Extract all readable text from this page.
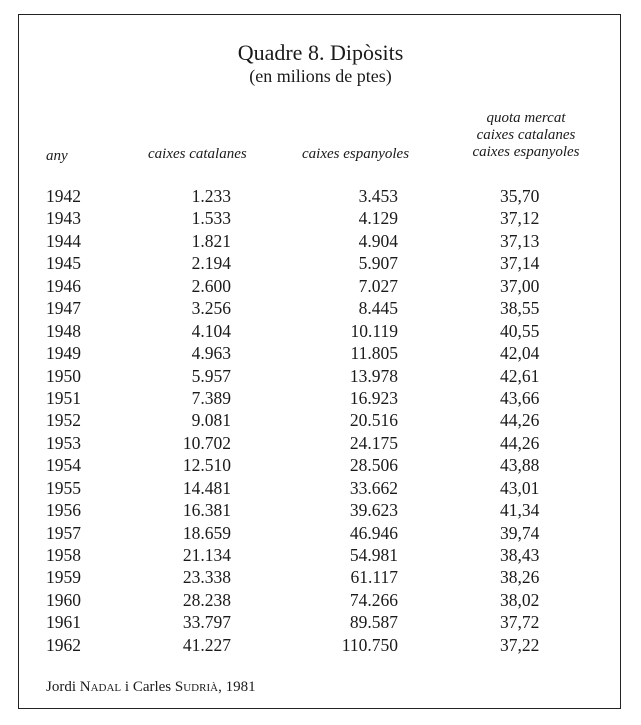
Quadre 8. Dipòsits
(en milions de ptes)
any	caixes catalanes	caixes espanyoles
quota mercat
caixes catalanes
caixes espanyoles
1942	1.233	3.453	35,70
1943	1.533	4.129	37,12
1944	1.821	4.904	37,13
1945	2.194	5.907	37,14
1946	2.600	7.027	37,00
1947	3.256	8.445	38,55
1948	4.104	10.119	40,55
1949	4.963	11.805	42,04
1950	5.957	13.978	42,61
1951	7.389	16.923	43,66
1952	9.081	20.516	44,26
1953	10.702	24.175	44,26
1954	12.510	28.506	43,88
1955	14.481	33.662	43,01
1956	16.381	39.623	41,34
1957	18.659	46.946	39,74
1958	21.134	54.981	38,43
1959	23.338	61.117	38,26
1960	28.238	74.266	38,02
1961	33.797	89.587	37,72
1962	41.227	110.750	37,22
Jordi Nadal i Carles Sudrià, 1981
